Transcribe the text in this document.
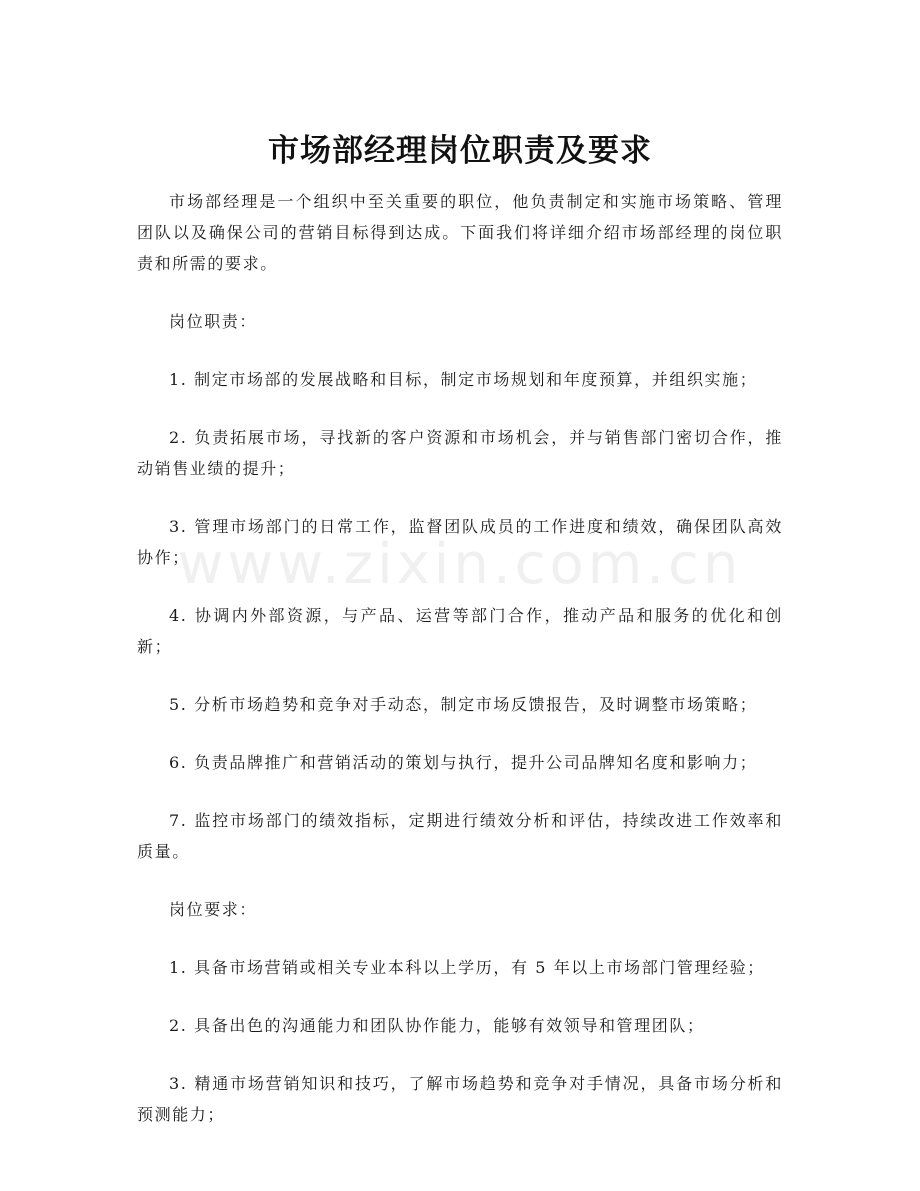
www.zixin.com.cn
市场部经理岗位职责及要求

市场部经理是一个组织中至关重要的职位，他负责制定和实施市场策略、管理团队以及确保公司的营销目标得到达成。下面我们将详细介绍市场部经理的岗位职责和所需的要求。

岗位职责：

1. 制定市场部的发展战略和目标，制定市场规划和年度预算，并组织实施；

2. 负责拓展市场，寻找新的客户资源和市场机会，并与销售部门密切合作，推动销售业绩的提升；

3. 管理市场部门的日常工作，监督团队成员的工作进度和绩效，确保团队高效协作；

4. 协调内外部资源，与产品、运营等部门合作，推动产品和服务的优化和创新；

5. 分析市场趋势和竞争对手动态，制定市场反馈报告，及时调整市场策略；

6. 负责品牌推广和营销活动的策划与执行，提升公司品牌知名度和影响力；

7. 监控市场部门的绩效指标，定期进行绩效分析和评估，持续改进工作效率和质量。

岗位要求：

1. 具备市场营销或相关专业本科以上学历，有 5 年以上市场部门管理经验；

2. 具备出色的沟通能力和团队协作能力，能够有效领导和管理团队；

3. 精通市场营销知识和技巧，了解市场趋势和竞争对手情况，具备市场分析和预测能力；
